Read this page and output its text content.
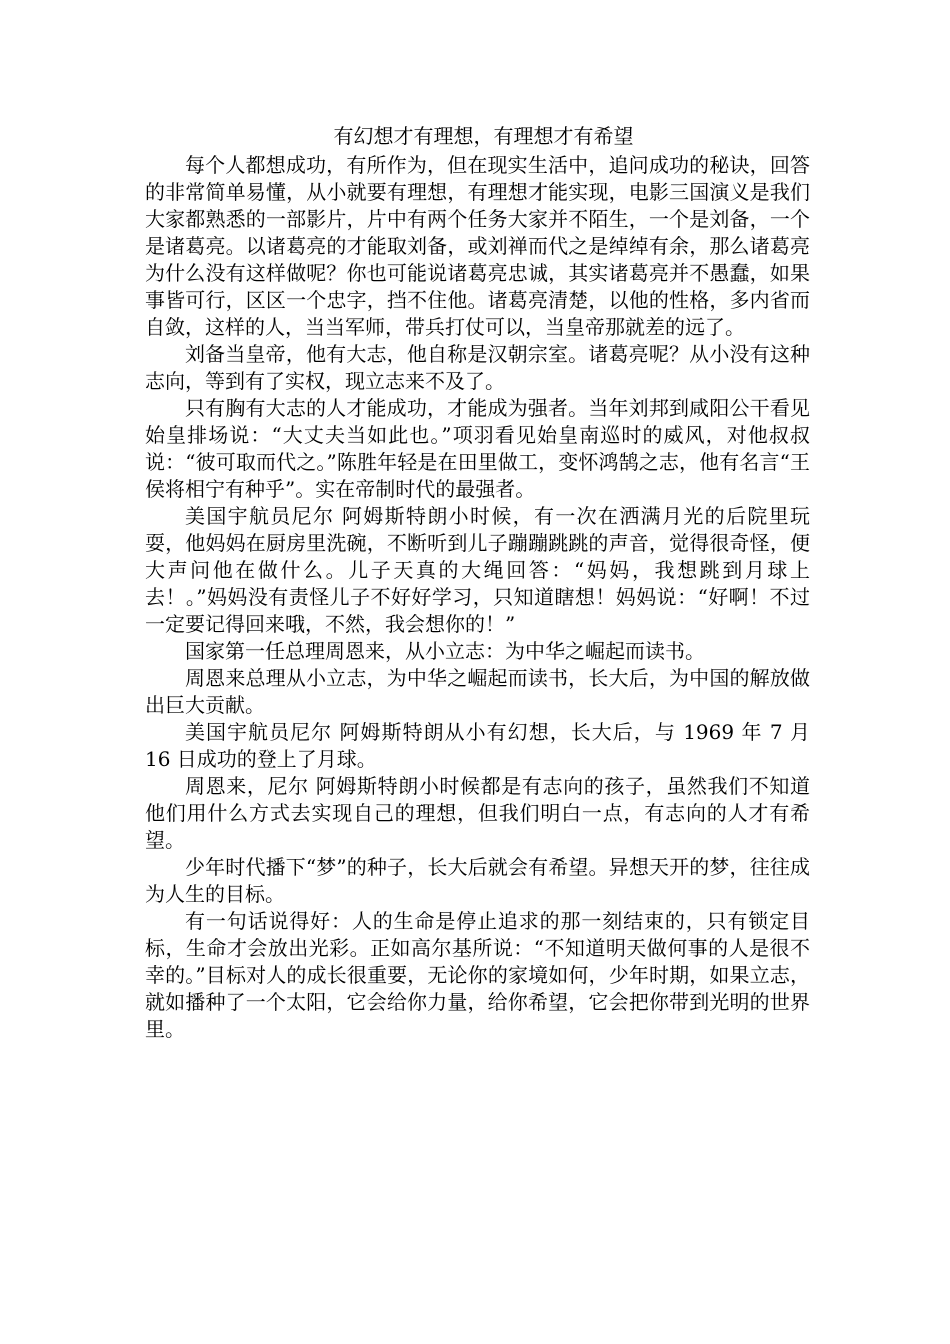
有幻想才有理想，有理想才有希望

每个人都想成功，有所作为，但在现实生活中，追问成功的秘诀，回答的非常简单易懂，从小就要有理想，有理想才能实现，电影三国演义是我们大家都熟悉的一部影片，片中有两个任务大家并不陌生，一个是刘备，一个是诸葛亮。以诸葛亮的才能取刘备，或刘禅而代之是绰绰有余，那么诸葛亮为什么没有这样做呢？你也可能说诸葛亮忠诚，其实诸葛亮并不愚蠢，如果事皆可行，区区一个忠字，挡不住他。诸葛亮清楚，以他的性格，多内省而自敛，这样的人，当当军师，带兵打仗可以，当皇帝那就差的远了。

刘备当皇帝，他有大志，他自称是汉朝宗室。诸葛亮呢？从小没有这种志向，等到有了实权，现立志来不及了。

只有胸有大志的人才能成功，才能成为强者。当年刘邦到咸阳公干看见始皇排场说：“大丈夫当如此也。”项羽看见始皇南巡时的威风，对他叔叔说：“彼可取而代之。”陈胜年轻是在田里做工，变怀鸿鹄之志，他有名言“王侯将相宁有种乎”。实在帝制时代的最强者。

美国宇航员尼尔 阿姆斯特朗小时候，有一次在洒满月光的后院里玩耍，他妈妈在厨房里洗碗，不断听到儿子蹦蹦跳跳的声音，觉得很奇怪，便大声问他在做什么。儿子天真的大绳回答：“妈妈，我想跳到月球上去！。”妈妈没有责怪儿子不好好学习，只知道瞎想！妈妈说：“好啊！不过一定要记得回来哦，不然，我会想你的！”

国家第一任总理周恩来，从小立志：为中华之崛起而读书。

周恩来总理从小立志，为中华之崛起而读书，长大后，为中国的解放做出巨大贡献。

美国宇航员尼尔 阿姆斯特朗从小有幻想，长大后，与 1969 年 7 月 16 日成功的登上了月球。

周恩来，尼尔 阿姆斯特朗小时候都是有志向的孩子，虽然我们不知道他们用什么方式去实现自己的理想，但我们明白一点，有志向的人才有希望。

少年时代播下“梦”的种子，长大后就会有希望。异想天开的梦，往往成为人生的目标。

有一句话说得好：人的生命是停止追求的那一刻结束的，只有锁定目标，生命才会放出光彩。正如高尔基所说：“不知道明天做何事的人是很不幸的。”目标对人的成长很重要，无论你的家境如何，少年时期，如果立志，就如播种了一个太阳，它会给你力量，给你希望，它会把你带到光明的世界里。
